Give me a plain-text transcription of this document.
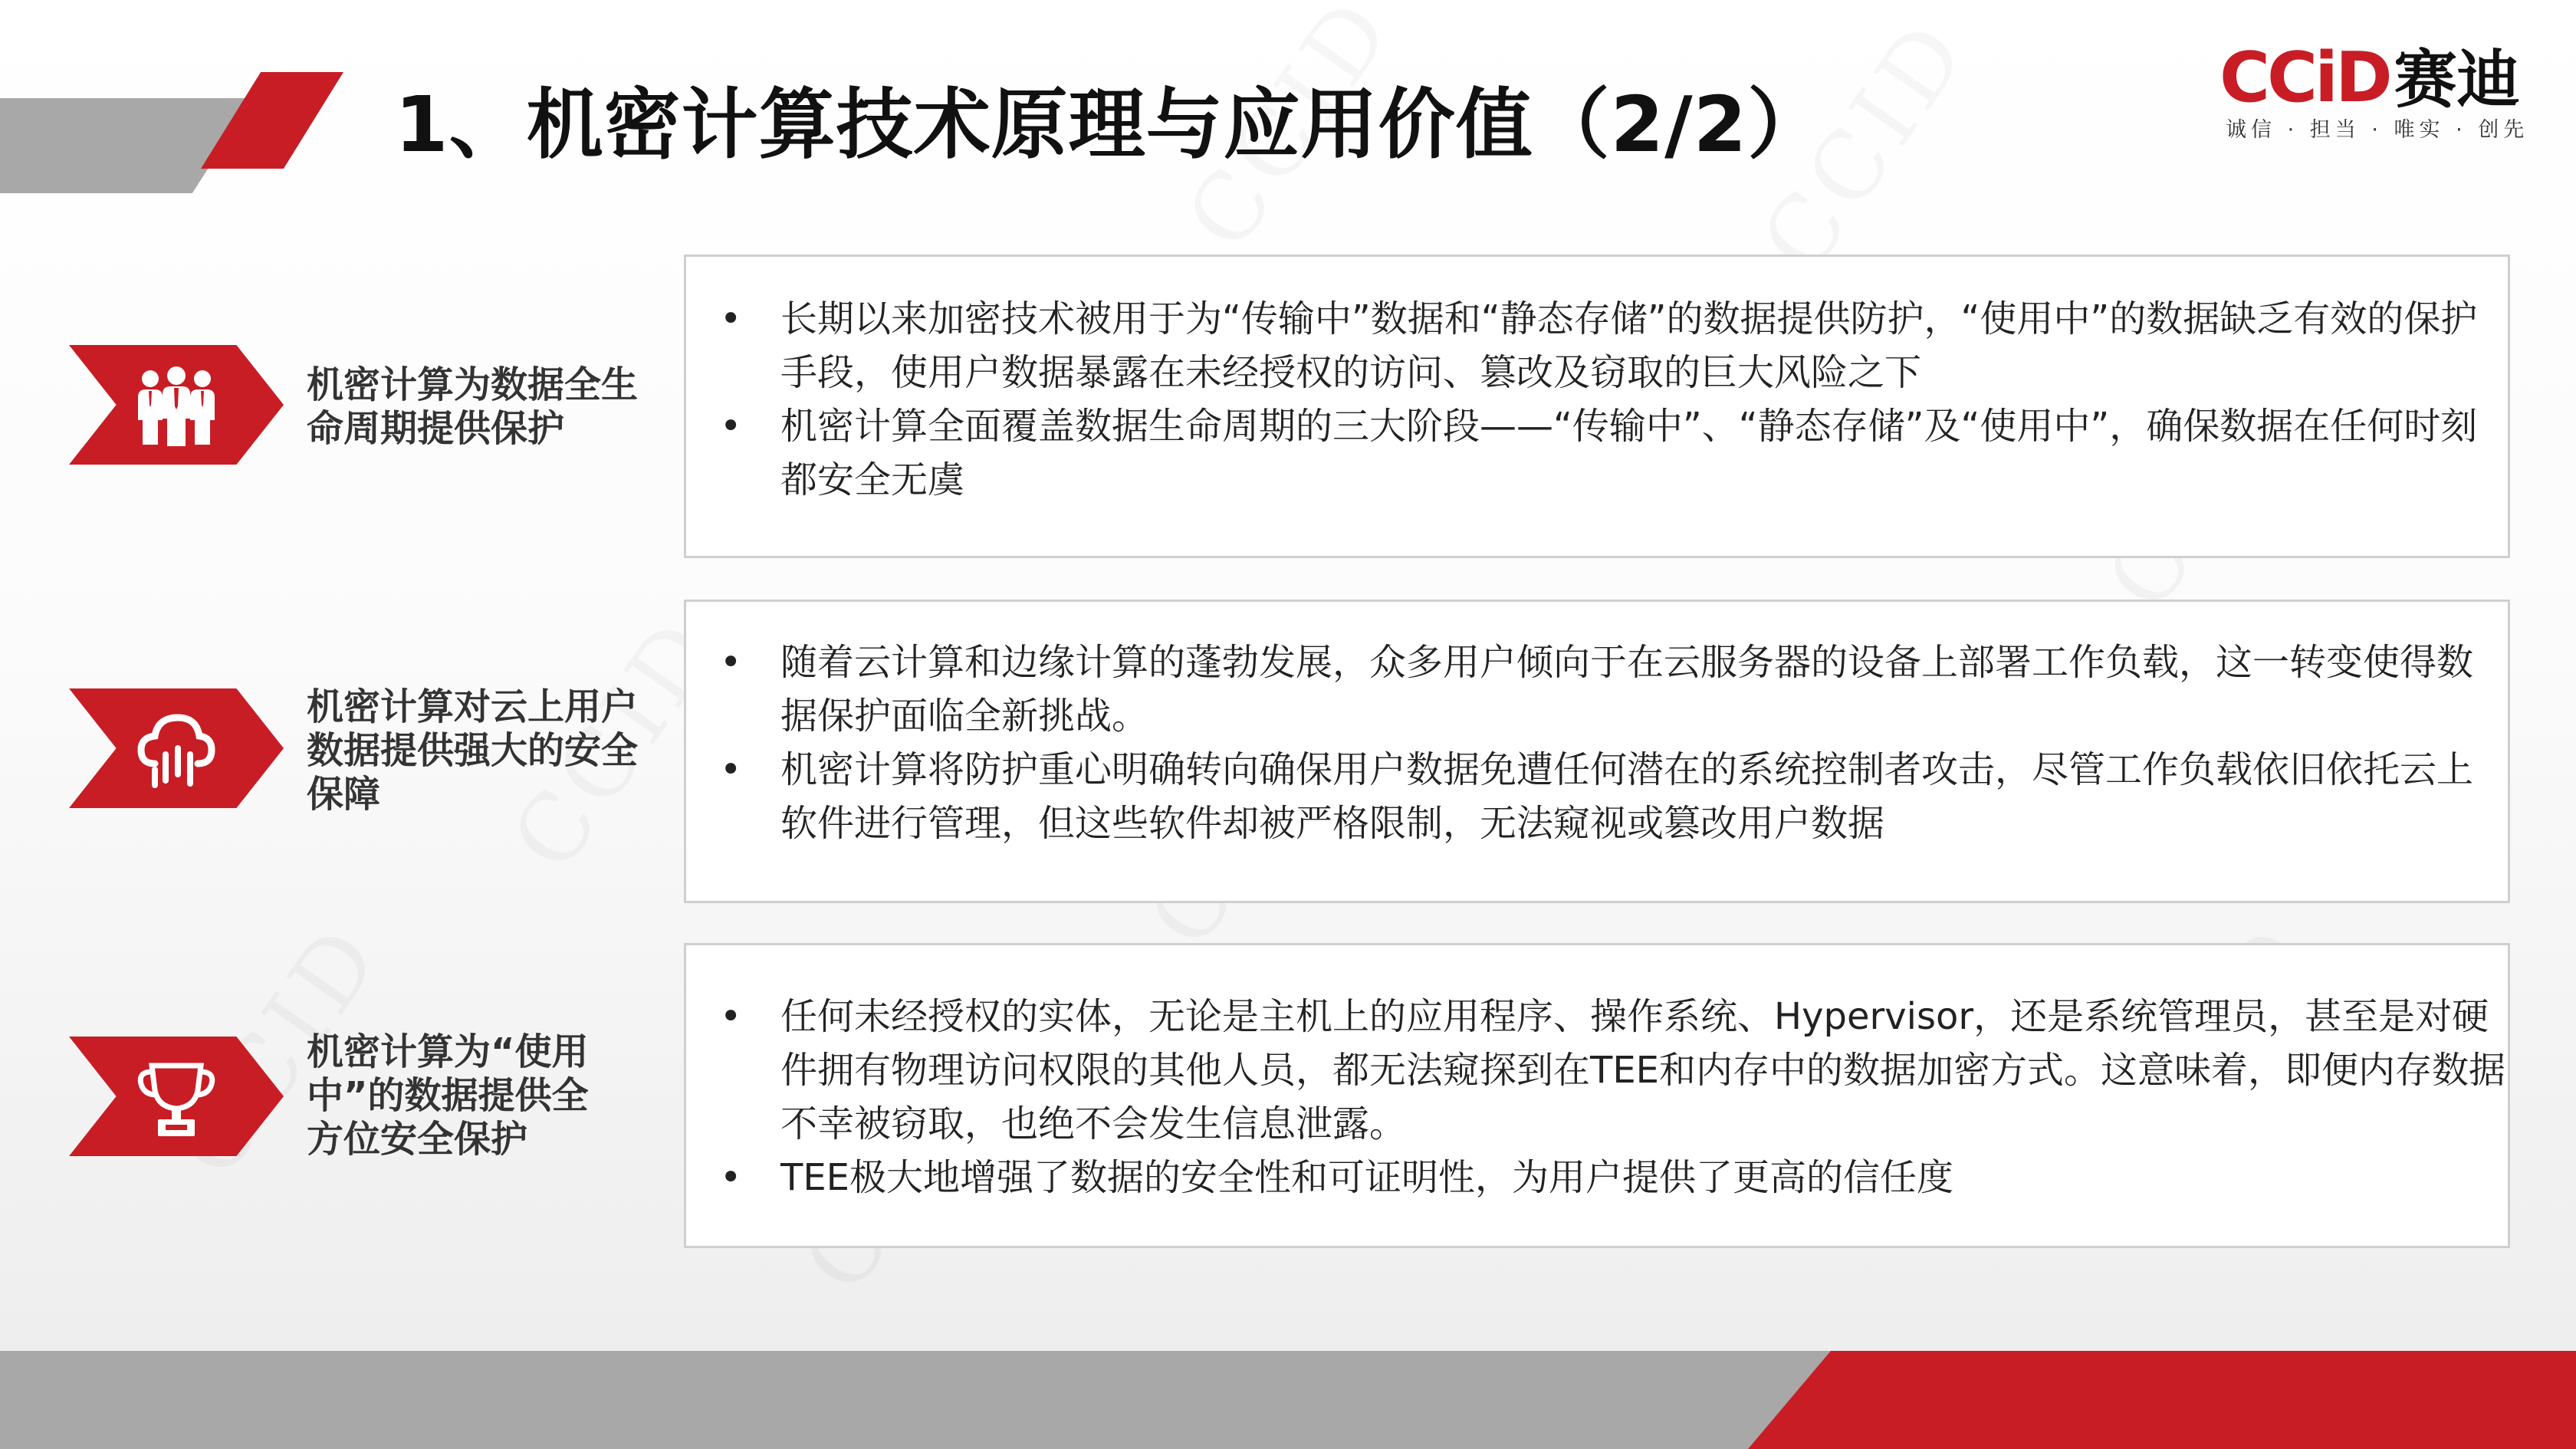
1、机密计算技术原理与应用价值（2/2）
CCiD赛迪
诚信 · 担当 · 唯实 · 创先
机密计算为数据全生命周期提供保护
• 长期以来加密技术被用于为“传输中”数据和“静态存储”的数据提供防护，“使用中”的数据缺乏有效的保护手段，使用户数据暴露在未经授权的访问、篡改及窃取的巨大风险之下
• 机密计算全面覆盖数据生命周期的三大阶段——“传输中”、“静态存储”及“使用中”，确保数据在任何时刻都安全无虞
机密计算对云上用户数据提供强大的安全保障
• 随着云计算和边缘计算的蓬勃发展，众多用户倾向于在云服务器的设备上部署工作负载，这一转变使得数据保护面临全新挑战。
• 机密计算将防护重心明确转向确保用户数据免遭任何潜在的系统控制者攻击，尽管工作负载依旧依托云上软件进行管理，但这些软件却被严格限制，无法窥视或篡改用户数据
机密计算为“使用中”的数据提供全方位安全保护
• 任何未经授权的实体，无论是主机上的应用程序、操作系统、Hypervisor，还是系统管理员，甚至是对硬件拥有物理访问权限的其他人员，都无法窥探到在TEE和内存中的数据加密方式。这意味着，即便内存数据不幸被窃取，也绝不会发生信息泄露。
• TEE极大地增强了数据的安全性和可证明性，为用户提供了更高的信任度
